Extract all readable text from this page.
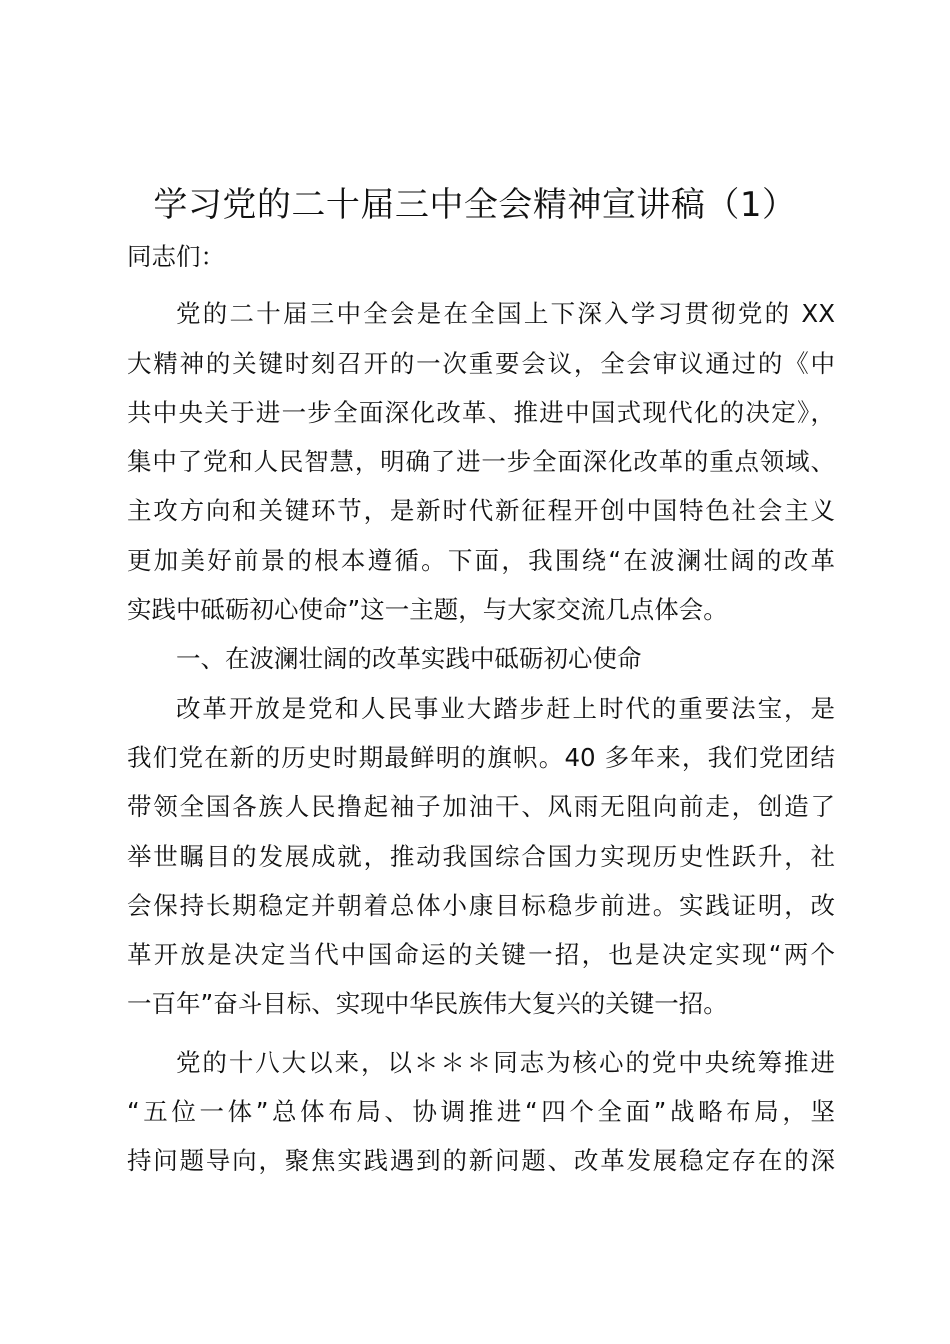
学习党的二十届三中全会精神宣讲稿（1）

同志们：

党的二十届三中全会是在全国上下深入学习贯彻党的 XX
大精神的关键时刻召开的一次重要会议，全会审议通过的《中
共中央关于进一步全面深化改革、推进中国式现代化的决定》，
集中了党和人民智慧，明确了进一步全面深化改革的重点领域、
主攻方向和关键环节，是新时代新征程开创中国特色社会主义
更加美好前景的根本遵循。下面，我围绕“在波澜壮阔的改革
实践中砥砺初心使命”这一主题，与大家交流几点体会。

一、在波澜壮阔的改革实践中砥砺初心使命

改革开放是党和人民事业大踏步赶上时代的重要法宝，是
我们党在新的历史时期最鲜明的旗帜。40 多年来，我们党团结
带领全国各族人民撸起袖子加油干、风雨无阻向前走，创造了
举世瞩目的发展成就，推动我国综合国力实现历史性跃升，社
会保持长期稳定并朝着总体小康目标稳步前进。实践证明，改
革开放是决定当代中国命运的关键一招，也是决定实现“两个
一百年”奋斗目标、实现中华民族伟大复兴的关键一招。
党的十八大以来，以＊＊＊同志为核心的党中央统筹推进
“五位一体”总体布局、协调推进“四个全面”战略布局，坚
持问题导向，聚焦实践遇到的新问题、改革发展稳定存在的深
